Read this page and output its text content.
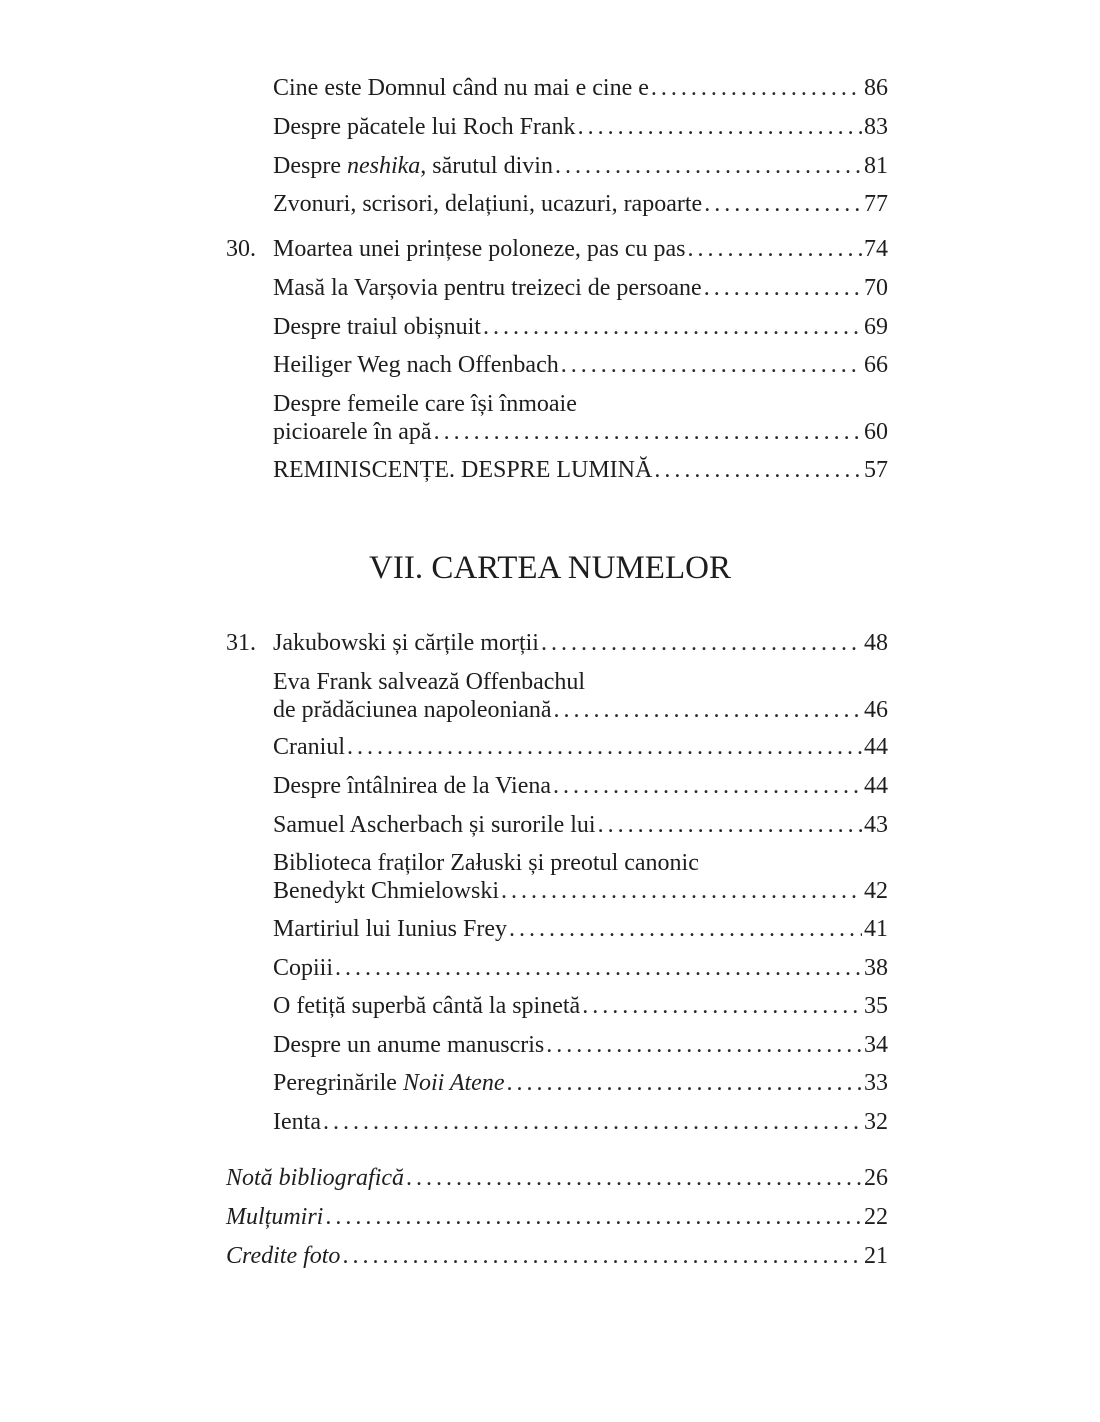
Cine este Domnul când nu mai e cine e . . .	86
Despre păcatele lui Roch Frank . . .	83
Despre neshika, sărutul divin . . .	81
Zvonuri, scrisori, delațiuni, ucazuri, rapoarte . . .	77
30. Moartea unei prințese poloneze, pas cu pas . . .	74
Masă la Varșovia pentru treizeci de persoane . . .	70
Despre traiul obișnuit . . .	69
Heiliger Weg nach Offenbach . . .	66
Despre femeile care își înmoaie
picioarele în apă . . .	60
REMINISCENȚE. DESPRE LUMINĂ . . .	57
VII. CARTEA NUMELOR
31. Jakubowski și cărțile morții . . .	48
Eva Frank salvează Offenbachul
de prădăciunea napoleoniană . . .	46
Craniul . . .	44
Despre întâlnirea de la Viena . . .	44
Samuel Ascherbach și surorile lui . . .	43
Biblioteca fraților Załuski și preotul canonic
Benedykt Chmielowski . . .	42
Martiriul lui Iunius Frey . . .	41
Copiii . . .	38
O fetiță superbă cântă la spinetă . . .	35
Despre un anume manuscris . . .	34
Peregrinările Noii Atene . . .	33
Ienta . . .	32
Notă bibliografică . . .	26
Mulțumiri . . .	22
Credite foto . . .	21
